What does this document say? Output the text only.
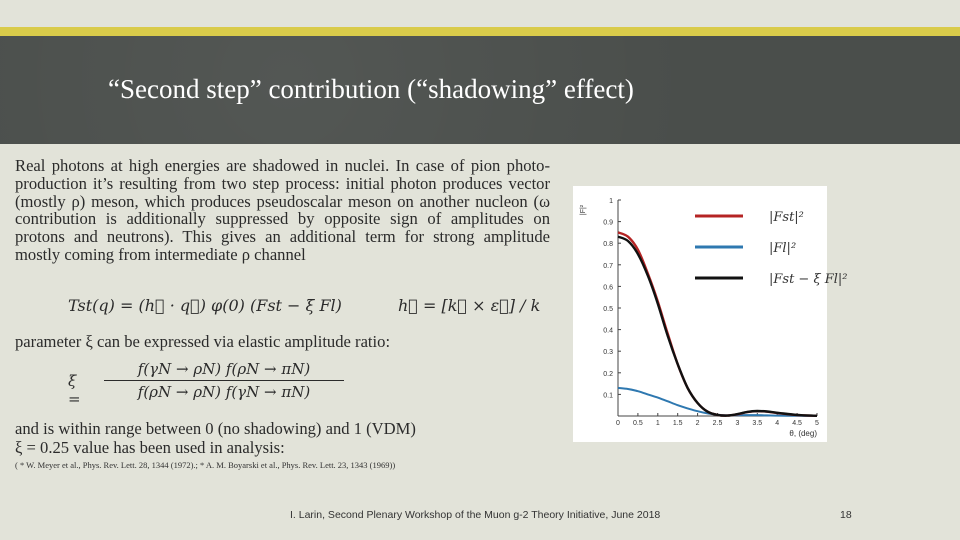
“Second step” contribution (“shadowing” effect)
Real photons at high energies are shadowed in nuclei. In case of pion photo-production it’s resulting from two step process: initial photon produces vector (mostly ρ) meson, which produces pseudoscalar meson on another nucleon (ω contribution is additionally suppressed by opposite sign of amplitudes on protons and neutrons). This gives an additional term for strong amplitude mostly coming from intermediate ρ channel
Tst(q) = (h⃗ · q⃗) φ(0) (Fst − ξ Fl)	h⃗ = [k⃗ × ε⃗] / k
parameter ξ can be expressed via elastic amplitude ratio:
ξ =
f(γN → ρN) f(ρN → πN)
f(ρN → ρN) f(γN → πN)
and is within range between 0 (no shadowing) and 1 (VDM)
ξ = 0.25 value has been used in analysis:
( * W. Meyer et al., Phys. Rev. Lett. 28, 1344 (1972).; * A. M. Boyarski et al., Phys. Rev. Lett. 23, 1343 (1969))
0.1
0.2
0.3
0.4
0.5
0.6
0.7
0.8
0.9
1
0 0.5 1 1.5 2 2.5 3 3.5 4 4.5 5
θ, (deg)
|F|²	|Fst|²
|Fl|²
|Fst − ξ Fl|²
I. Larin, Second Plenary Workshop of the Muon g-2 Theory Initiative, June 2018	18
